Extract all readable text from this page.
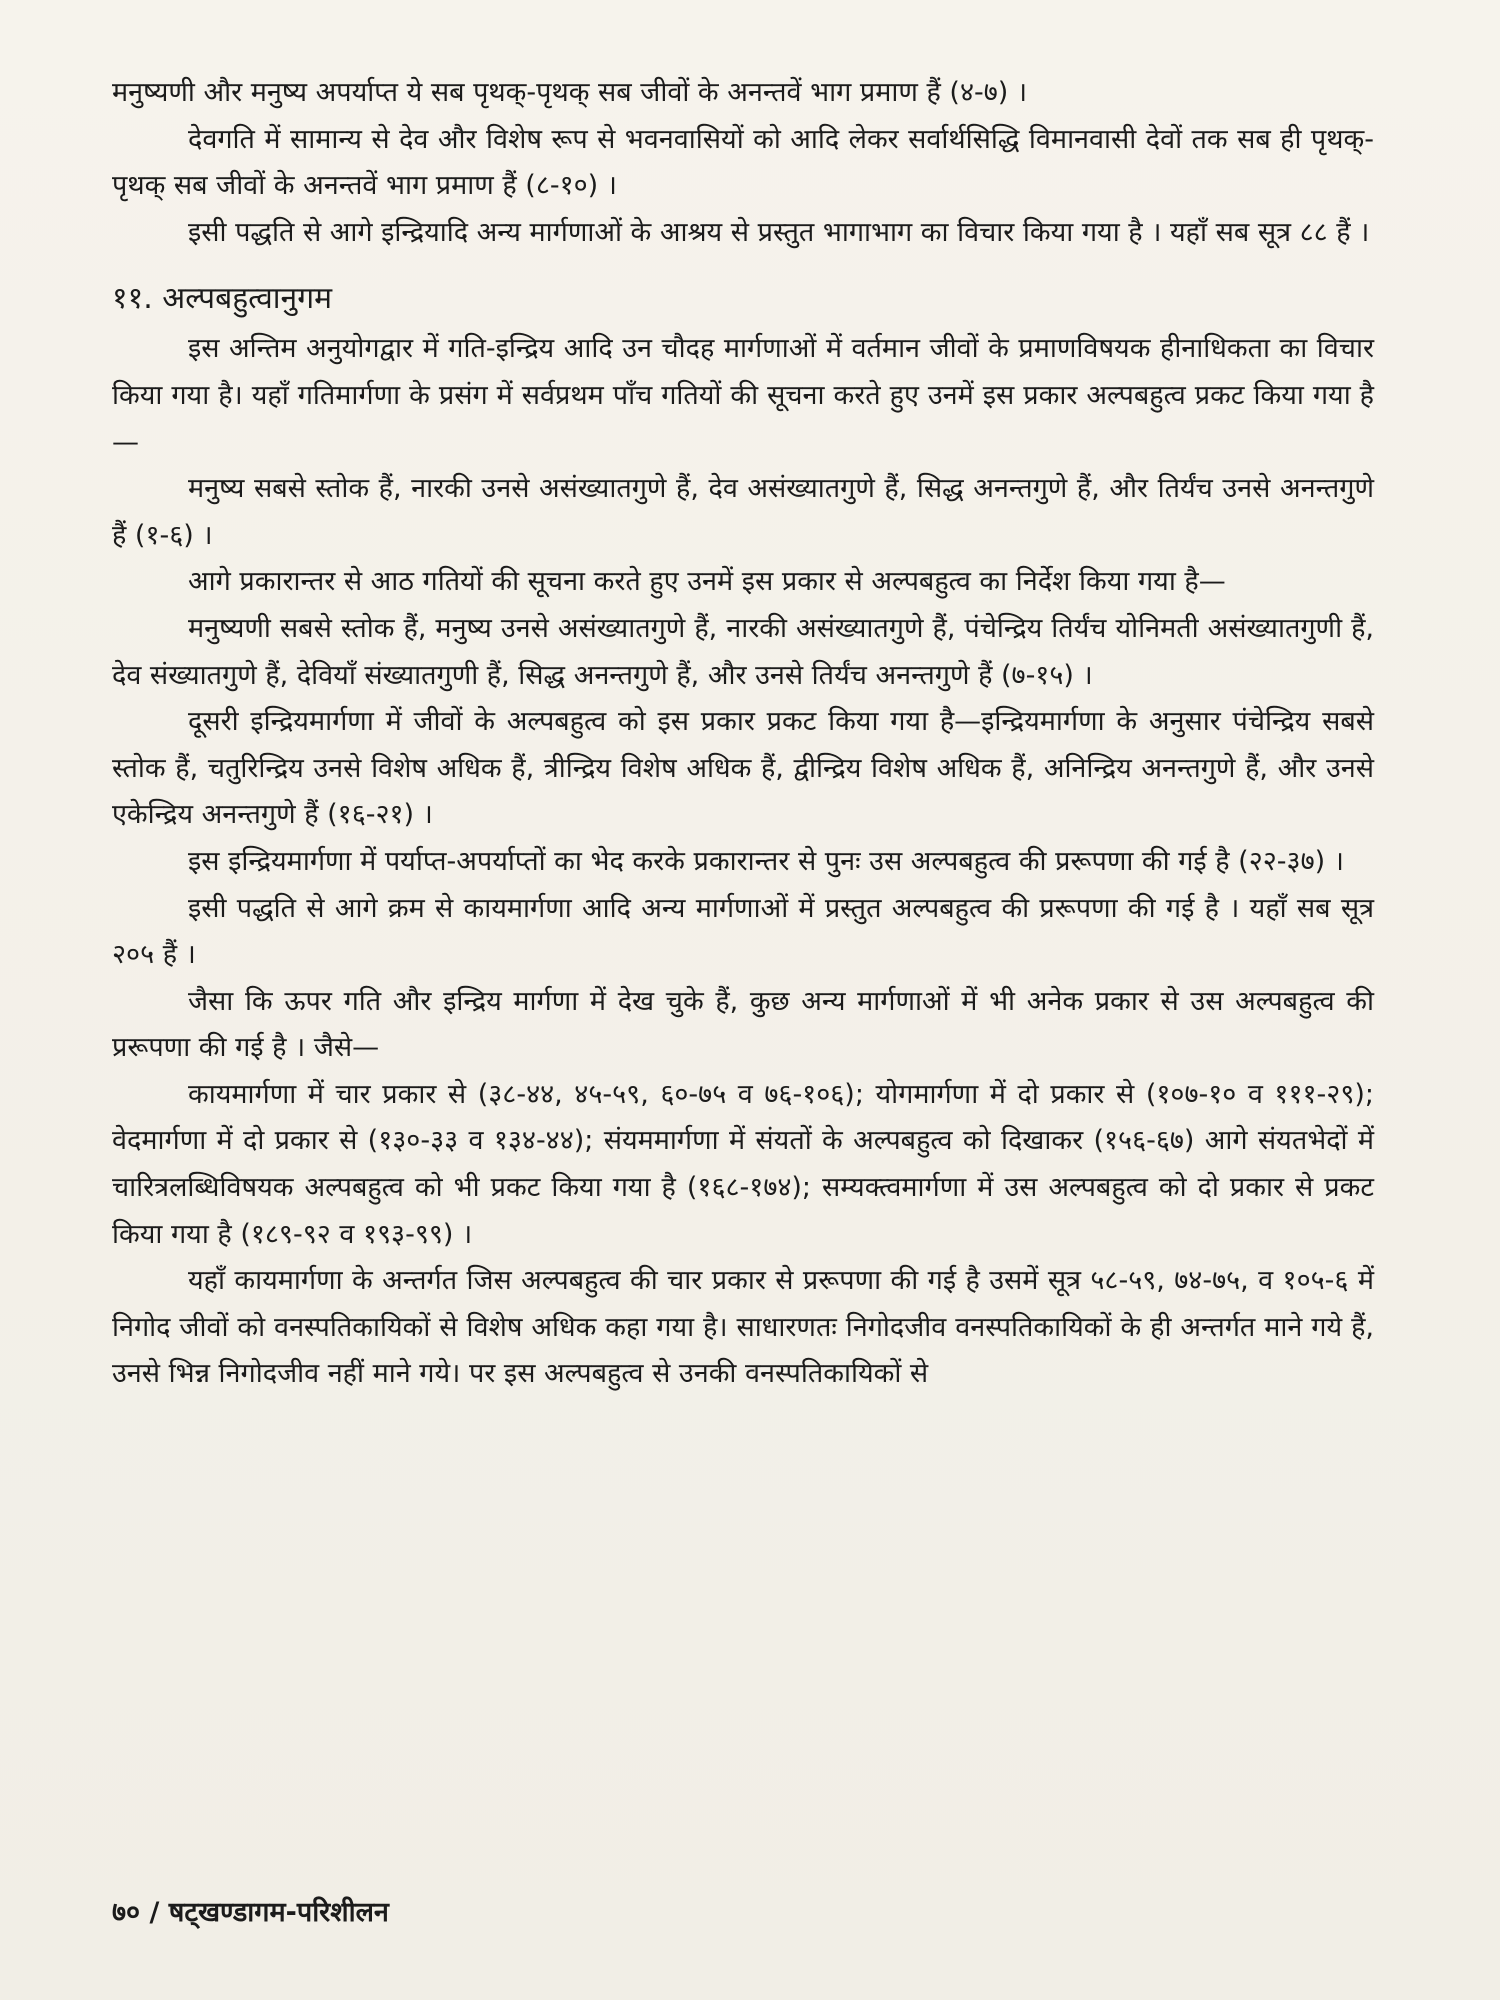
मनुष्यणी और मनुष्य अपर्याप्त ये सब पृथक्-पृथक् सब जीवों के अनन्तवें भाग प्रमाण हैं (४-७) ।

देवगति में सामान्य से देव और विशेष रूप से भवनवासियों को आदि लेकर सर्वार्थसिद्धि विमानवासी देवों तक सब ही पृथक्-पृथक् सब जीवों के अनन्तवें भाग प्रमाण हैं (८-१०) ।

इसी पद्धति से आगे इन्द्रियादि अन्य मार्गणाओं के आश्रय से प्रस्तुत भागाभाग का विचार किया गया है । यहाँ सब सूत्र ८८ हैं ।

११. अल्पबहुत्वानुगम

इस अन्तिम अनुयोगद्वार में गति-इन्द्रिय आदि उन चौदह मार्गणाओं में वर्तमान जीवों के प्रमाणविषयक हीनाधिकता का विचार किया गया है। यहाँ गतिमार्गणा के प्रसंग में सर्वप्रथम पाँच गतियों की सूचना करते हुए उनमें इस प्रकार अल्पबहुत्व प्रकट किया गया है—

मनुष्य सबसे स्तोक हैं, नारकी उनसे असंख्यातगुणे हैं, देव असंख्यातगुणे हैं, सिद्ध अनन्तगुणे हैं, और तिर्यंच उनसे अनन्तगुणे हैं (१-६) ।

आगे प्रकारान्तर से आठ गतियों की सूचना करते हुए उनमें इस प्रकार से अल्पबहुत्व का निर्देश किया गया है—

मनुष्यणी सबसे स्तोक हैं, मनुष्य उनसे असंख्यातगुणे हैं, नारकी असंख्यातगुणे हैं, पंचेन्द्रिय तिर्यंच योनिमती असंख्यातगुणी हैं, देव संख्यातगुणे हैं, देवियाँ संख्यातगुणी हैं, सिद्ध अनन्तगुणे हैं, और उनसे तिर्यंच अनन्तगुणे हैं (७-१५) ।

दूसरी इन्द्रियमार्गणा में जीवों के अल्पबहुत्व को इस प्रकार प्रकट किया गया है—इन्द्रियमार्गणा के अनुसार पंचेन्द्रिय सबसे स्तोक हैं, चतुरिन्द्रिय उनसे विशेष अधिक हैं, त्रीन्द्रिय विशेष अधिक हैं, द्वीन्द्रिय विशेष अधिक हैं, अनिन्द्रिय अनन्तगुणे हैं, और उनसे एकेन्द्रिय अनन्तगुणे हैं (१६-२१) ।

इस इन्द्रियमार्गणा में पर्याप्त-अपर्याप्तों का भेद करके प्रकारान्तर से पुनः उस अल्पबहुत्व की प्ररूपणा की गई है (२२-३७) ।

इसी पद्धति से आगे क्रम से कायमार्गणा आदि अन्य मार्गणाओं में प्रस्तुत अल्पबहुत्व की प्ररूपणा की गई है । यहाँ सब सूत्र २०५ हैं ।

जैसा कि ऊपर गति और इन्द्रिय मार्गणा में देख चुके हैं, कुछ अन्य मार्गणाओं में भी अनेक प्रकार से उस अल्पबहुत्व की प्ररूपणा की गई है । जैसे—

कायमार्गणा में चार प्रकार से (३८-४४, ४५-५९, ६०-७५ व ७६-१०६); योगमार्गणा में दो प्रकार से (१०७-१० व १११-२९); वेदमार्गणा में दो प्रकार से (१३०-३३ व १३४-४४); संयममार्गणा में संयतों के अल्पबहुत्व को दिखाकर (१५६-६७) आगे संयतभेदों में चारित्रलब्धिविषयक अल्पबहुत्व को भी प्रकट किया गया है (१६८-१७४); सम्यक्त्वमार्गणा में उस अल्पबहुत्व को दो प्रकार से प्रकट किया गया है (१८९-९२ व १९३-९९) ।

यहाँ कायमार्गणा के अन्तर्गत जिस अल्पबहुत्व की चार प्रकार से प्ररूपणा की गई है उसमें सूत्र ५८-५९, ७४-७५, व १०५-६ में निगोद जीवों को वनस्पतिकायिकों से विशेष अधिक कहा गया है। साधारणतः निगोदजीव वनस्पतिकायिकों के ही अन्तर्गत माने गये हैं, उनसे भिन्न निगोदजीव नहीं माने गये। पर इस अल्पबहुत्व से उनकी वनस्पतिकायिकों से

७० / षट्खण्डागम-परिशीलन
